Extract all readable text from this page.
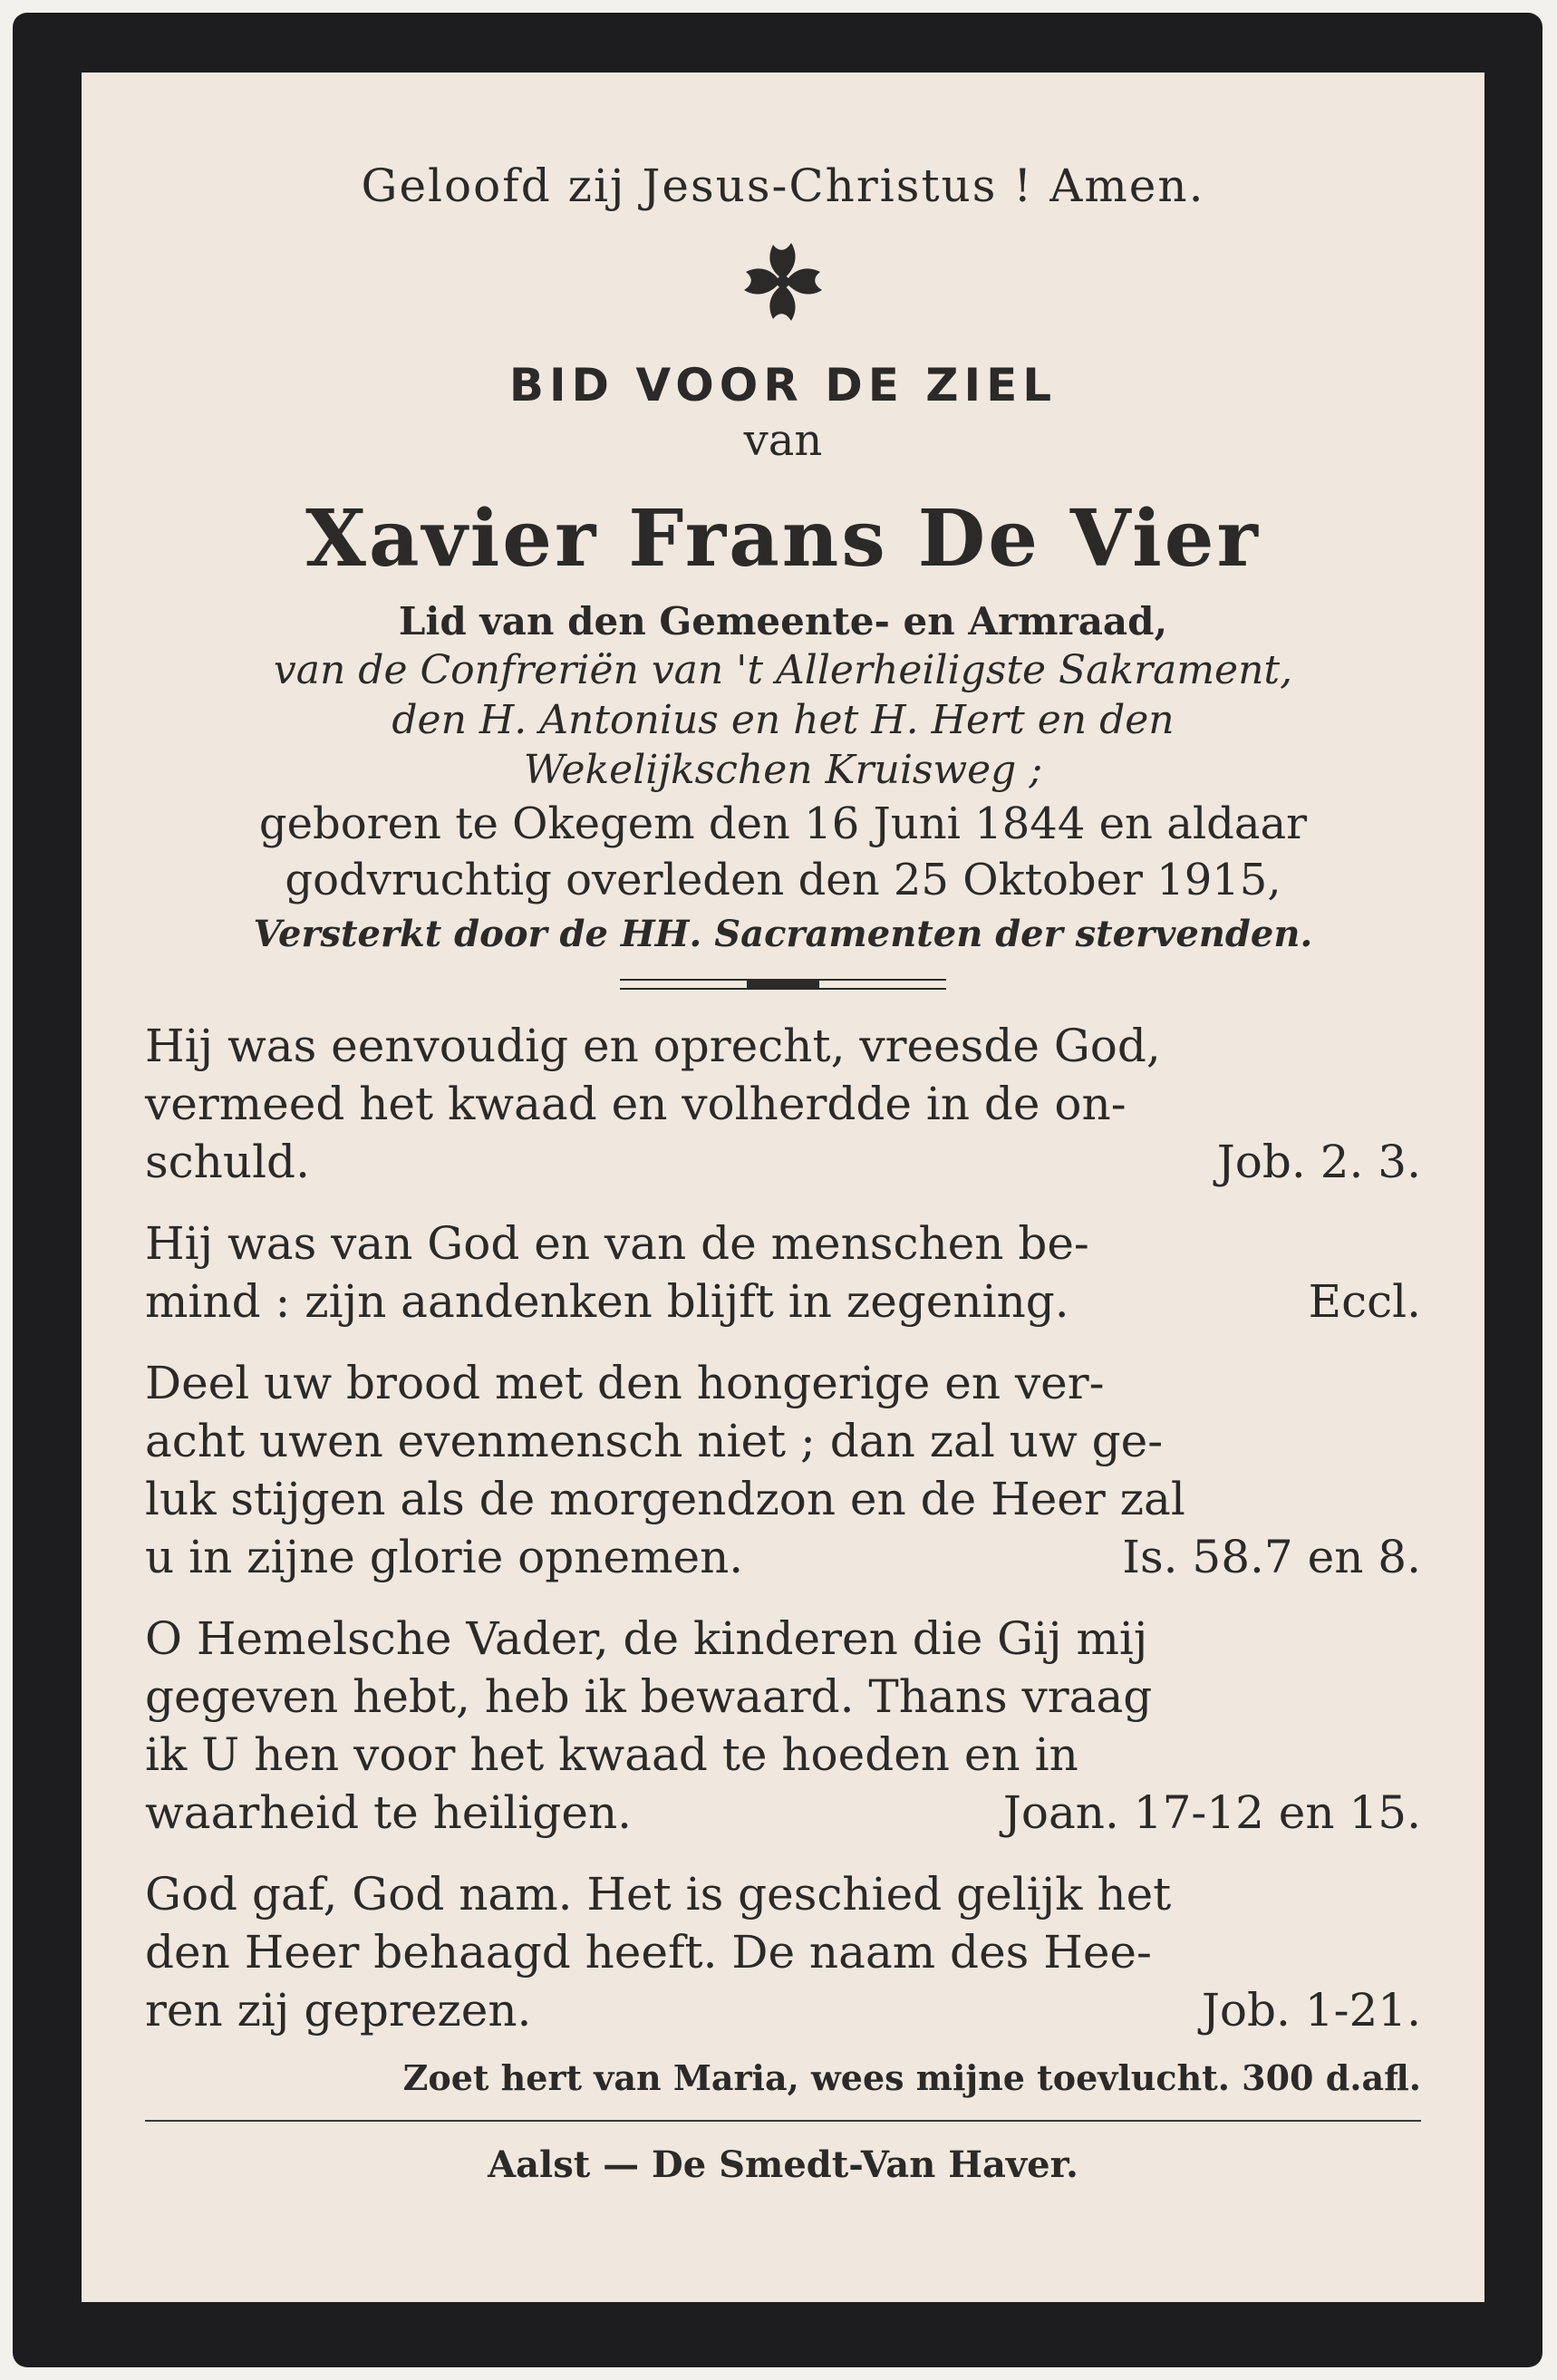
Geloofd zij Jesus-Christus ! Amen.
BID VOOR DE ZIEL
van
Xavier Frans De Vier
Lid van den Gemeente- en Armraad,
van de Confreriën van 't Allerheiligste Sakrament,
den H. Antonius en het H. Hert en den
Wekelijkschen Kruisweg ;
geboren te Okegem den 16 Juni 1844 en aldaar
godvruchtig overleden den 25 Oktober 1915,
Versterkt door de HH. Sacramenten der stervenden.

Hij was eenvoudig en oprecht, vreesde God,

vermeed het kwaad en volherdde in de on-

schuld.	Job. 2. 3.

Hij was van God en van de menschen be-

mind : zijn aandenken blijft in zegening.	Eccl.

Deel uw brood met den hongerige en ver-

acht uwen evenmensch niet ; dan zal uw ge-

luk stijgen als de morgendzon en de Heer zal

u in zijne glorie opnemen.	Is. 58.7 en 8.

O Hemelsche Vader, de kinderen die Gij mij

gegeven hebt, heb ik bewaard. Thans vraag

ik U hen voor het kwaad te hoeden en in

waarheid te heiligen.	Joan. 17-12 en 15.

God gaf, God nam. Het is geschied gelijk het

den Heer behaagd heeft. De naam des Hee-

ren zij geprezen.	Job. 1-21.
Zoet hert van Maria, wees mijne toevlucht. 300 d.afl.
Aalst — De Smedt-Van Haver.
